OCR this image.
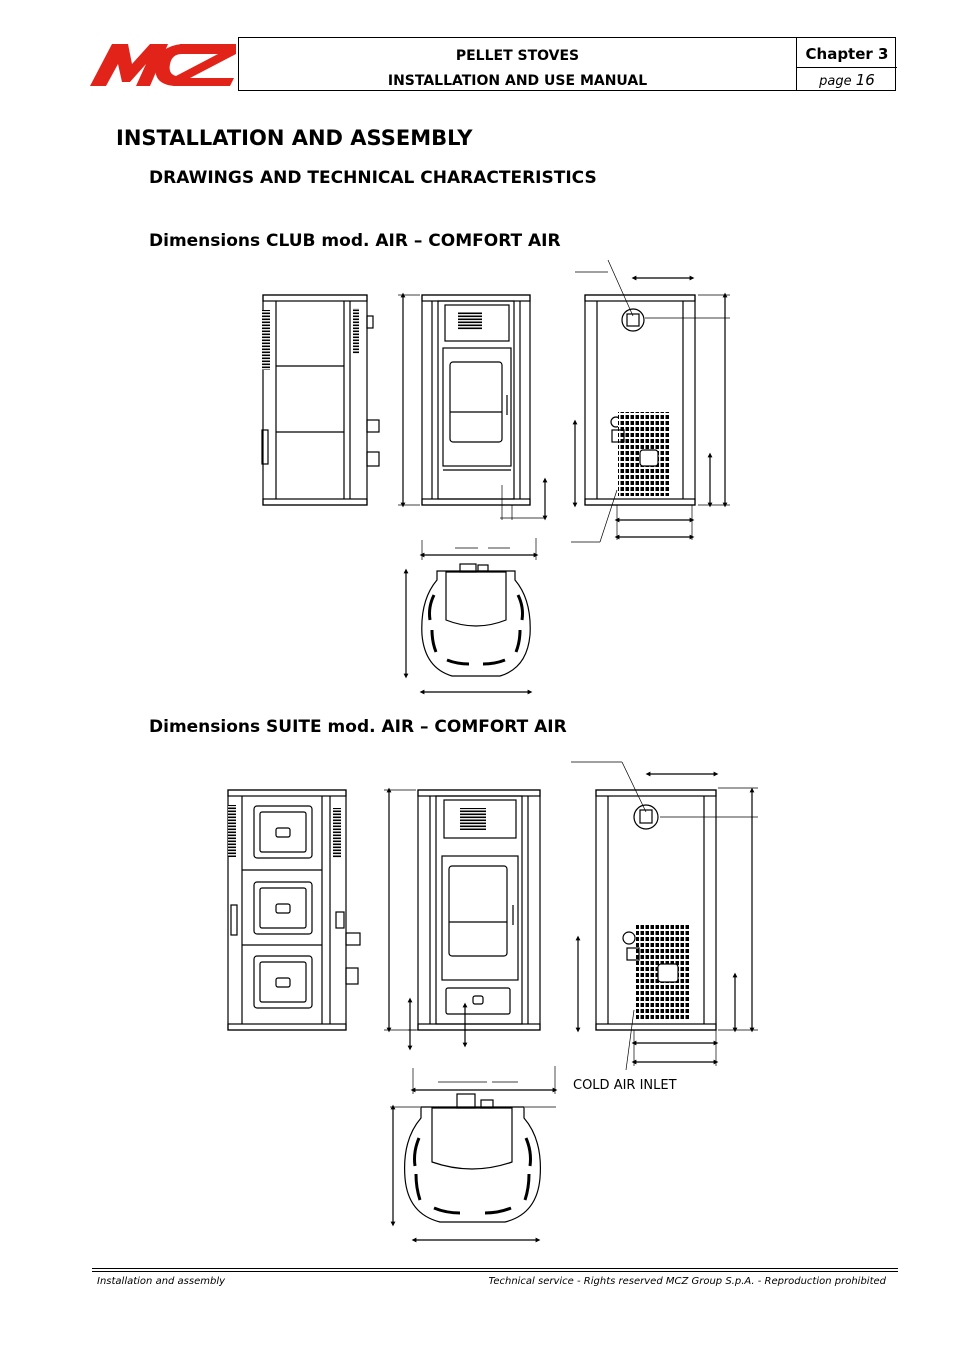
PELLET STOVES
INSTALLATION AND USE MANUAL
Chapter 3
page 16
INSTALLATION AND ASSEMBLY
DRAWINGS AND TECHNICAL CHARACTERISTICS
Dimensions CLUB mod. AIR – COMFORT AIR
Dimensions SUITE mod. AIR – COMFORT AIR
COLD AIR INLET
Installation and assembly	Technical service - Rights reserved MCZ Group S.p.A. - Reproduction prohibited
